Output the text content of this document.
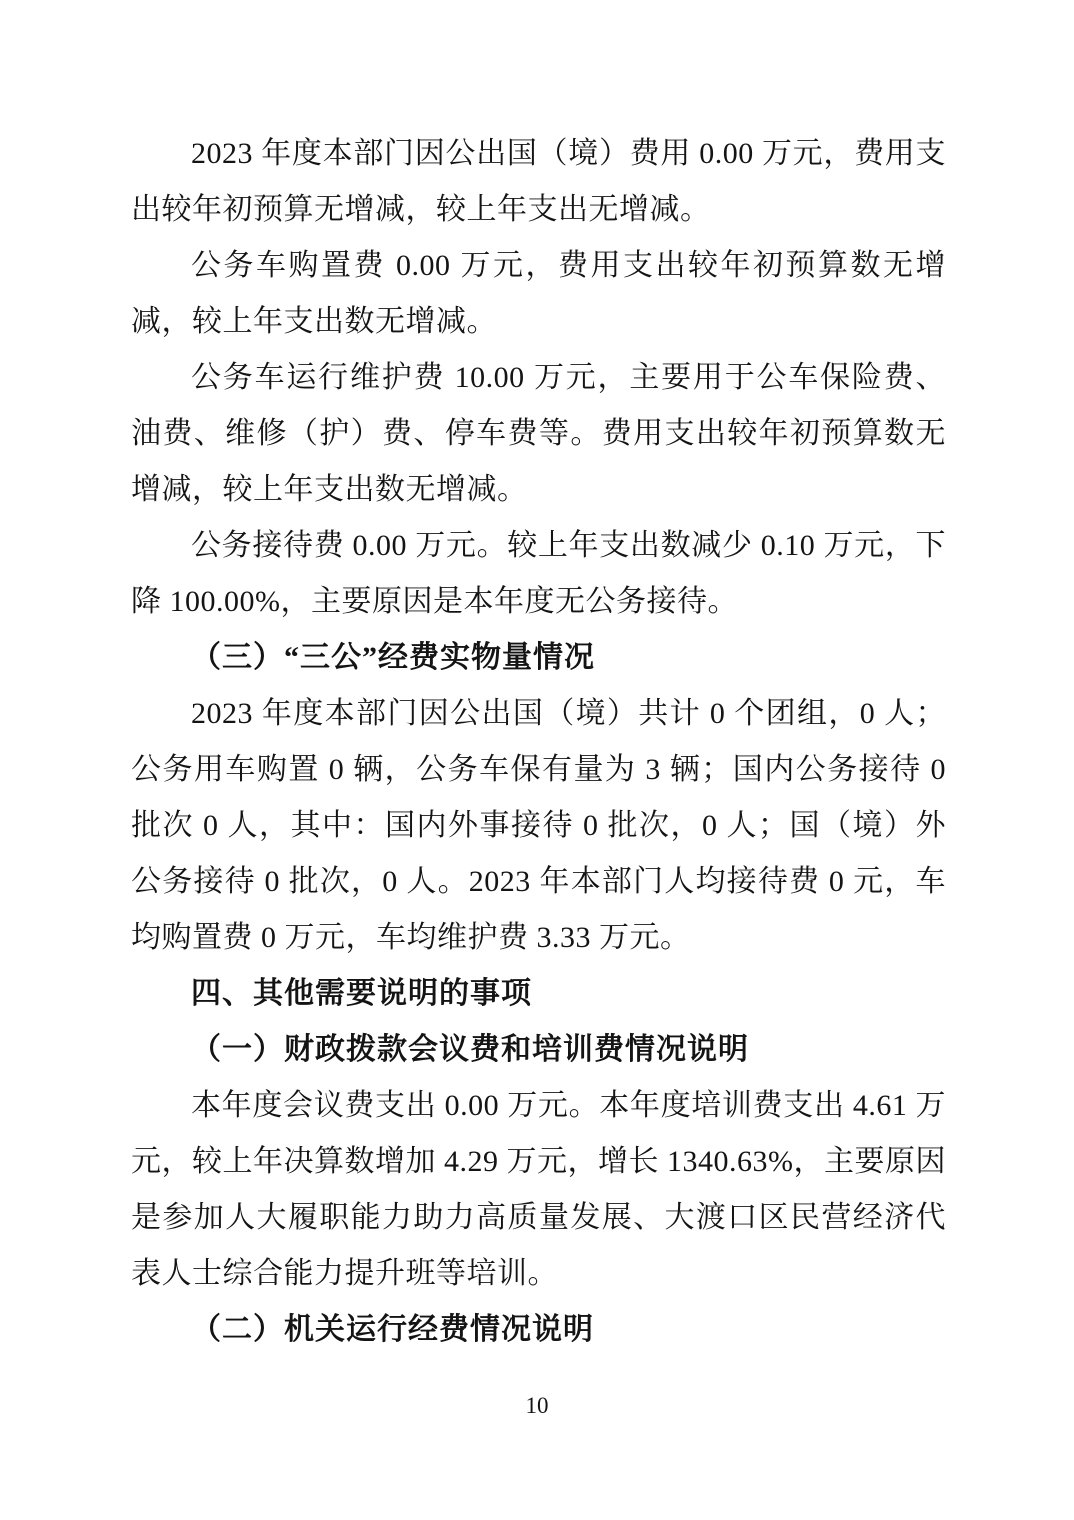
2023 年度本部门因公出国（境）费用 0.00 万元，费用支出较年初预算无增减，较上年支出无增减。

公务车购置费 0.00 万元，费用支出较年初预算数无增减，较上年支出数无增减。

公务车运行维护费 10.00 万元，主要用于公车保险费、油费、维修（护）费、停车费等。费用支出较年初预算数无增减，较上年支出数无增减。

公务接待费 0.00 万元。较上年支出数减少 0.10 万元，下降 100.00%，主要原因是本年度无公务接待。

（三）“三公”经费实物量情况

2023 年度本部门因公出国（境）共计 0 个团组，0 人；公务用车购置 0 辆，公务车保有量为 3 辆；国内公务接待 0 批次 0 人，其中：国内外事接待 0 批次，0 人；国（境）外公务接待 0 批次，0 人。2023 年本部门人均接待费 0 元，车均购置费 0 万元，车均维护费 3.33 万元。

四、其他需要说明的事项
（一）财政拨款会议费和培训费情况说明

本年度会议费支出 0.00 万元。本年度培训费支出 4.61 万元，较上年决算数增加 4.29 万元，增长 1340.63%，主要原因是参加人大履职能力助力高质量发展、大渡口区民营经济代表人士综合能力提升班等培训。

（二）机关运行经费情况说明
10
